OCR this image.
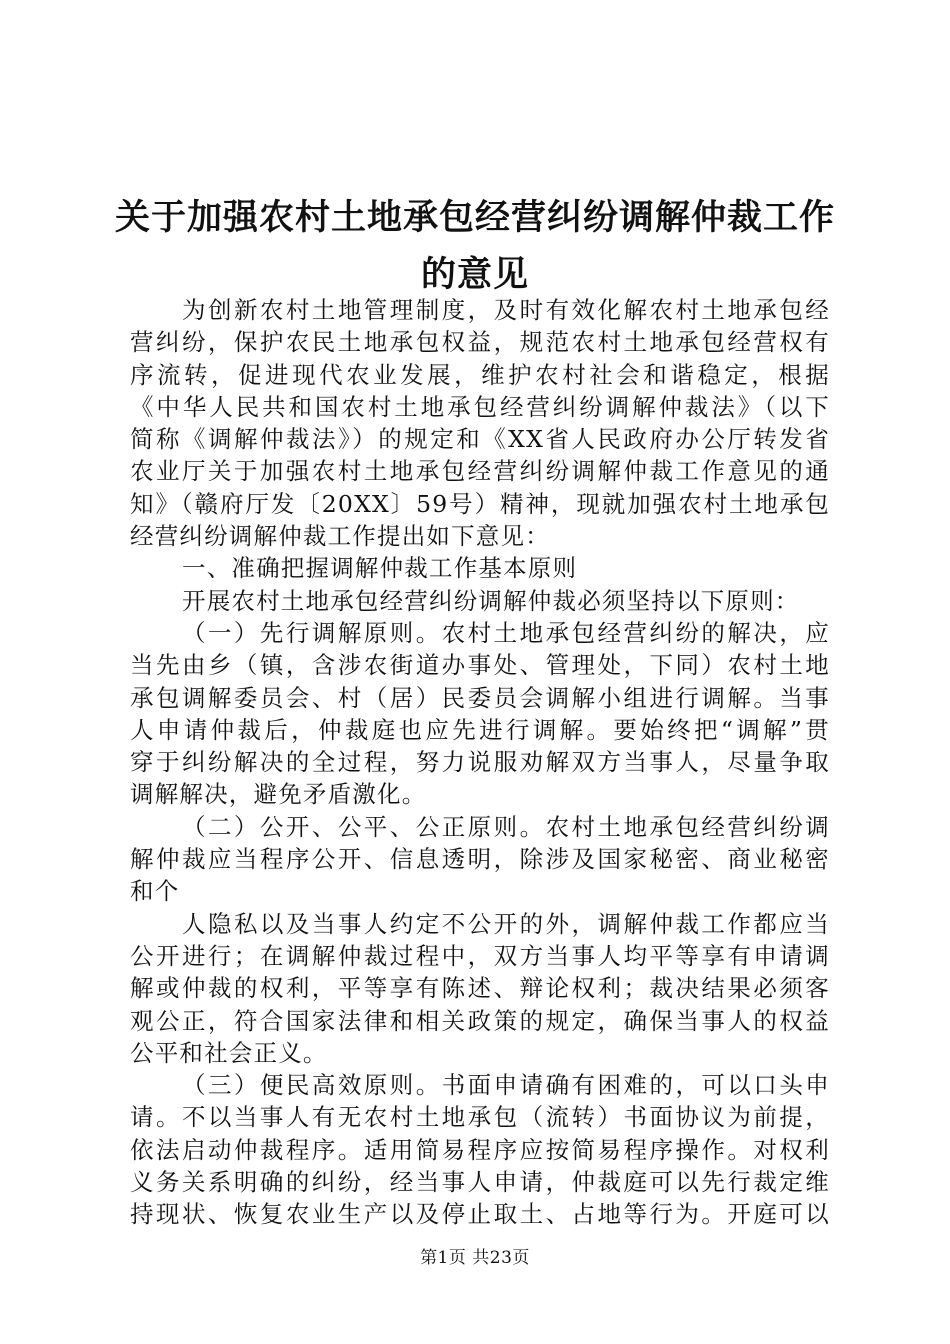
关于加强农村土地承包经营纠纷调解仲裁工作
的意见
为创新农村土地管理制度，及时有效化解农村土地承包经
营纠纷，保护农民土地承包权益，规范农村土地承包经营权有
序流转，促进现代农业发展，维护农村社会和谐稳定，根据
《中华人民共和国农村土地承包经营纠纷调解仲裁法》（以下
简称《调解仲裁法》）的规定和《XX省人民政府办公厅转发省
农业厅关于加强农村土地承包经营纠纷调解仲裁工作意见的通
知》（赣府厅发〔20XX〕59号）精神，现就加强农村土地承包
经营纠纷调解仲裁工作提出如下意见：
一、准确把握调解仲裁工作基本原则
开展农村土地承包经营纠纷调解仲裁必须坚持以下原则：
（一）先行调解原则。农村土地承包经营纠纷的解决，应
当先由乡（镇，含涉农街道办事处、管理处，下同）农村土地
承包调解委员会、村（居）民委员会调解小组进行调解。当事
人申请仲裁后，仲裁庭也应先进行调解。要始终把“调解”贯
穿于纠纷解决的全过程，努力说服劝解双方当事人，尽量争取
调解解决，避免矛盾激化。
（二）公开、公平、公正原则。农村土地承包经营纠纷调
解仲裁应当程序公开、信息透明，除涉及国家秘密、商业秘密
和个
人隐私以及当事人约定不公开的外，调解仲裁工作都应当
公开进行；在调解仲裁过程中，双方当事人均平等享有申请调
解或仲裁的权利，平等享有陈述、辩论权利；裁决结果必须客
观公正，符合国家法律和相关政策的规定，确保当事人的权益
公平和社会正义。
（三）便民高效原则。书面申请确有困难的，可以口头申
请。不以当事人有无农村土地承包（流转）书面协议为前提，
依法启动仲裁程序。适用简易程序应按简易程序操作。对权利
义务关系明确的纠纷，经当事人申请，仲裁庭可以先行裁定维
持现状、恢复农业生产以及停止取土、占地等行为。开庭可以
第1页 共23页
